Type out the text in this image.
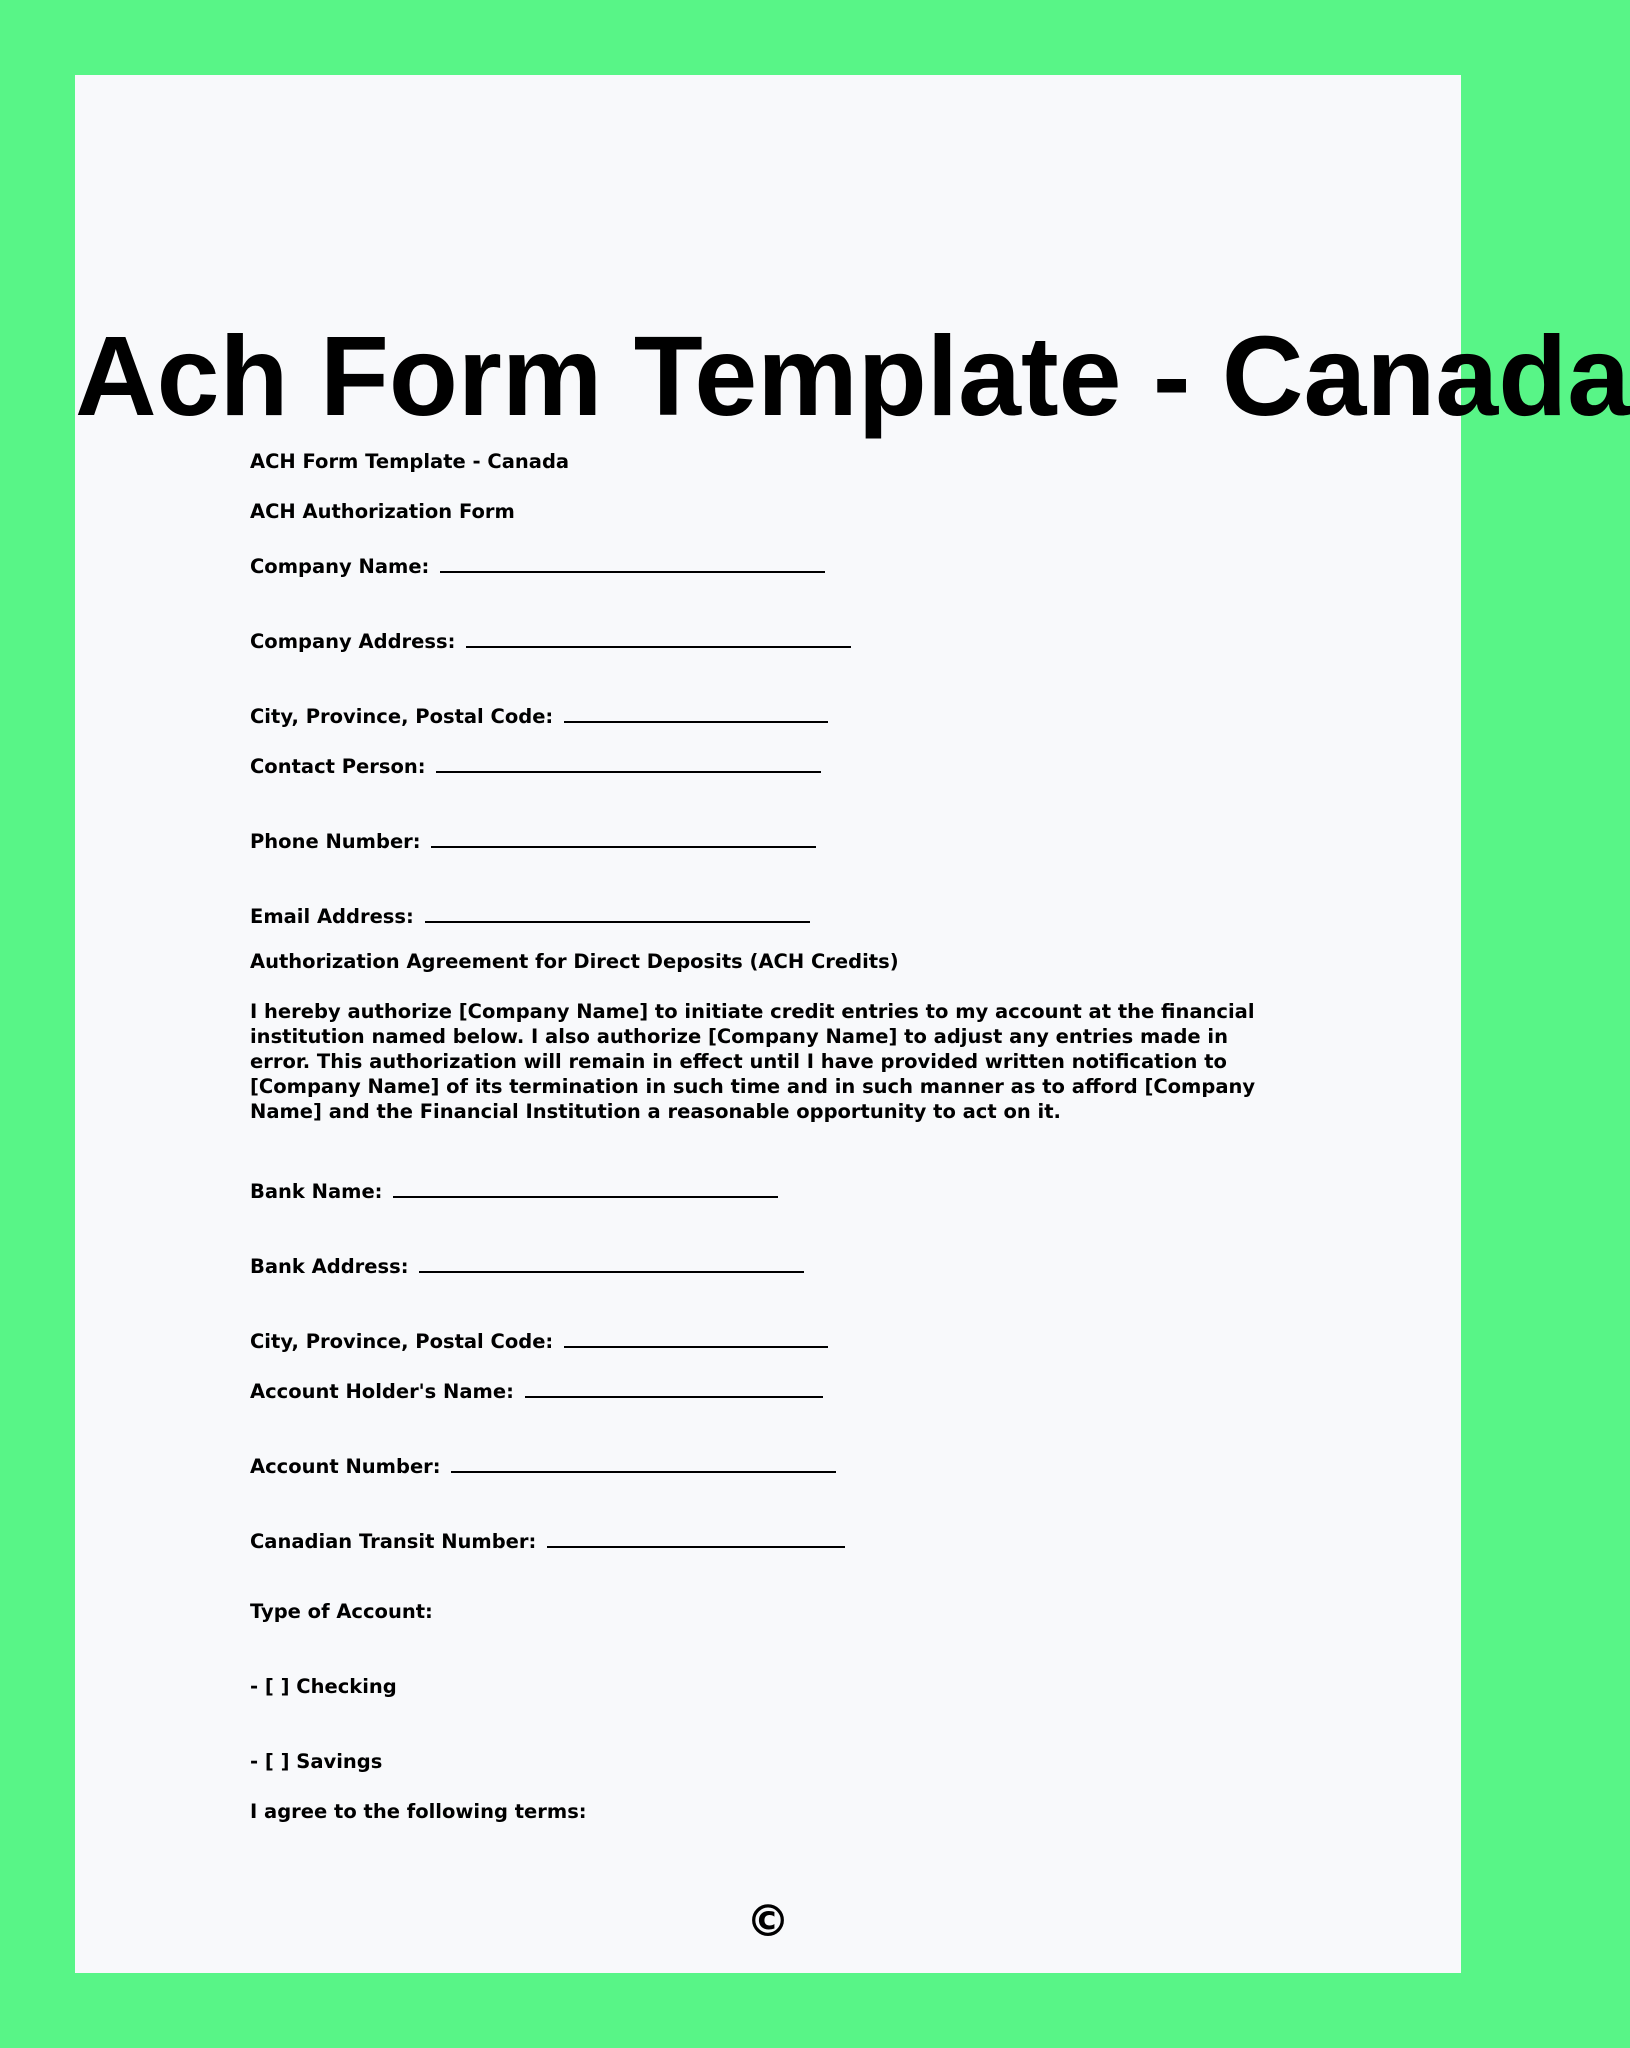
Ach Form Template - Canada

ACH Form Template - Canada

ACH Authorization Form

Company Name:

Company Address:

City, Province, Postal Code:

Contact Person:

Phone Number:

Email Address:

Authorization Agreement for Direct Deposits (ACH Credits)

I hereby authorize [Company Name] to initiate credit entries to my account at the financial institution named below. I also authorize [Company Name] to adjust any entries made in error. This authorization will remain in effect until I have provided written notification to [Company Name] of its termination in such time and in such manner as to afford [Company Name] and the Financial Institution a reasonable opportunity to act on it.

Bank Name:

Bank Address:

City, Province, Postal Code:

Account Holder's Name:

Account Number:

Canadian Transit Number:

Type of Account:

- [ ] Checking

- [ ] Savings

I agree to the following terms:

©
